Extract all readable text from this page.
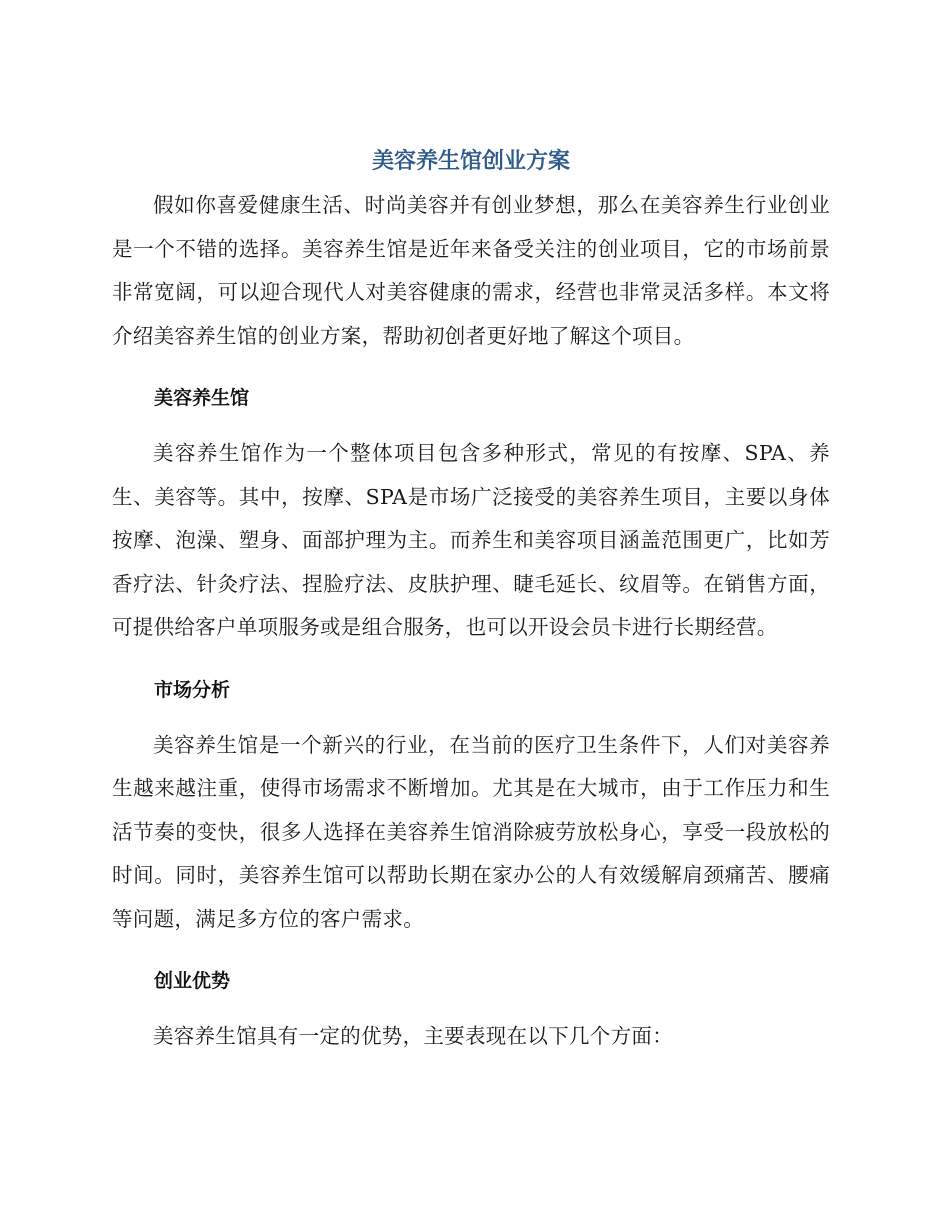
美容养生馆创业方案

假如你喜爱健康生活、时尚美容并有创业梦想，那么在美容养生行业创业是一个不错的选择。美容养生馆是近年来备受关注的创业项目，它的市场前景非常宽阔，可以迎合现代人对美容健康的需求，经营也非常灵活多样。本文将介绍美容养生馆的创业方案，帮助初创者更好地了解这个项目。

美容养生馆

美容养生馆作为一个整体项目包含多种形式，常见的有按摩、SPA、养生、美容等。其中，按摩、SPA是市场广泛接受的美容养生项目，主要以身体按摩、泡澡、塑身、面部护理为主。而养生和美容项目涵盖范围更广，比如芳香疗法、针灸疗法、捏脸疗法、皮肤护理、睫毛延长、纹眉等。在销售方面，可提供给客户单项服务或是组合服务，也可以开设会员卡进行长期经营。

市场分析

美容养生馆是一个新兴的行业，在当前的医疗卫生条件下，人们对美容养生越来越注重，使得市场需求不断增加。尤其是在大城市，由于工作压力和生活节奏的变快，很多人选择在美容养生馆消除疲劳放松身心，享受一段放松的时间。同时，美容养生馆可以帮助长期在家办公的人有效缓解肩颈痛苦、腰痛等问题，满足多方位的客户需求。

创业优势

美容养生馆具有一定的优势，主要表现在以下几个方面：
